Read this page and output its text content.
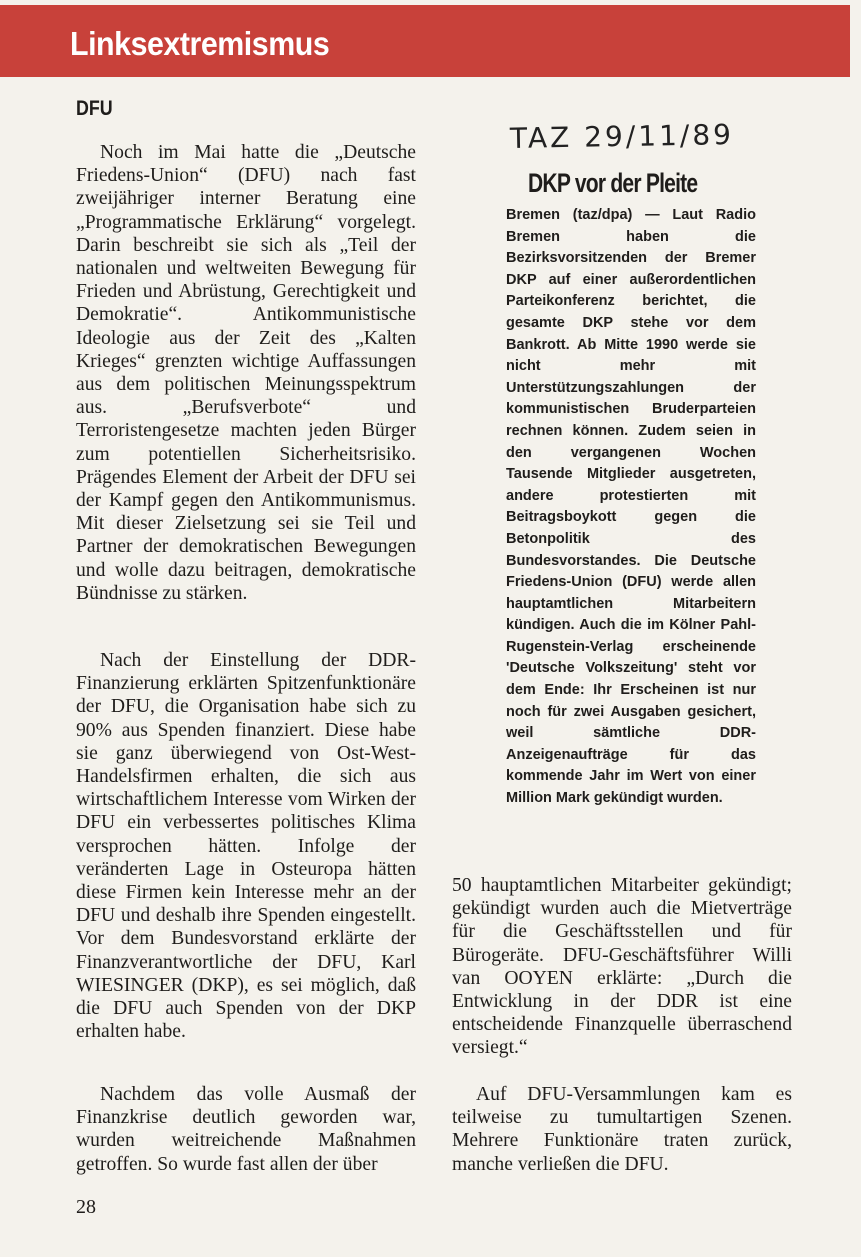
Linksextremismus
DFU

Noch im Mai hatte die „Deutsche Friedens-Union“ (DFU) nach fast zweijähriger interner Beratung eine „Programmatische Erklärung“ vorgelegt. Darin beschreibt sie sich als „Teil der nationalen und weltweiten Bewegung für Frieden und Abrüstung, Gerechtigkeit und Demokratie“. Antikommunistische Ideologie aus der Zeit des „Kalten Krieges“ grenzten wichtige Auffassungen aus dem politischen Meinungsspektrum aus. „Berufsverbote“ und Terroristengesetze machten jeden Bürger zum potentiellen Sicherheitsrisiko. Prägendes Element der Arbeit der DFU sei der Kampf gegen den Antikommunismus. Mit dieser Zielsetzung sei sie Teil und Partner der demokratischen Bewegungen und wolle dazu beitragen, demokratische Bündnisse zu stärken.

Nach der Einstellung der DDR-Finanzierung erklärten Spitzenfunktionäre der DFU, die Organisation habe sich zu 90% aus Spenden finanziert. Diese habe sie ganz überwiegend von Ost-West-Handelsfirmen erhalten, die sich aus wirtschaftlichem Interesse vom Wirken der DFU ein verbessertes politisches Klima versprochen hätten. Infolge der veränderten Lage in Osteuropa hätten diese Firmen kein Interesse mehr an der DFU und deshalb ihre Spenden eingestellt. Vor dem Bundesvorstand erklärte der Finanzverantwortliche der DFU, Karl WIESINGER (DKP), es sei möglich, daß die DFU auch Spenden von der DKP erhalten habe.

Nachdem das volle Ausmaß der Finanzkrise deutlich geworden war, wurden weitreichende Maßnahmen getroffen. So wurde fast allen der über

TAZ 29/11/89
DKP vor der Pleite
Bremen (taz/dpa) — Laut Radio Bremen haben die Bezirksvorsitzenden der Bremer DKP auf einer außerordentlichen Parteikonferenz berichtet, die gesamte DKP stehe vor dem Bankrott. Ab Mitte 1990 werde sie nicht mehr mit Unterstützungszahlungen der kommunistischen Bruderparteien rechnen können. Zudem seien in den vergangenen Wochen Tausende Mitglieder ausgetreten, andere protestierten mit Beitragsboykott gegen die Betonpolitik des Bundesvorstandes. Die Deutsche Friedens-Union (DFU) werde allen hauptamtlichen Mitarbeitern kündigen. Auch die im Kölner Pahl-Rugenstein-Verlag erscheinende 'Deutsche Volkszeitung' steht vor dem Ende: Ihr Erscheinen ist nur noch für zwei Ausgaben gesichert, weil sämtliche DDR-Anzeigenaufträge für das kommende Jahr im Wert von einer Million Mark gekündigt wurden.

50 hauptamtlichen Mitarbeiter gekündigt; gekündigt wurden auch die Mietverträge für die Geschäftsstellen und für Bürogeräte. DFU-Geschäftsführer Willi van OOYEN erklärte: „Durch die Entwicklung in der DDR ist eine entscheidende Finanzquelle überraschend versiegt.“

Auf DFU-Versammlungen kam es teilweise zu tumultartigen Szenen. Mehrere Funktionäre traten zurück, manche verließen die DFU.

28
